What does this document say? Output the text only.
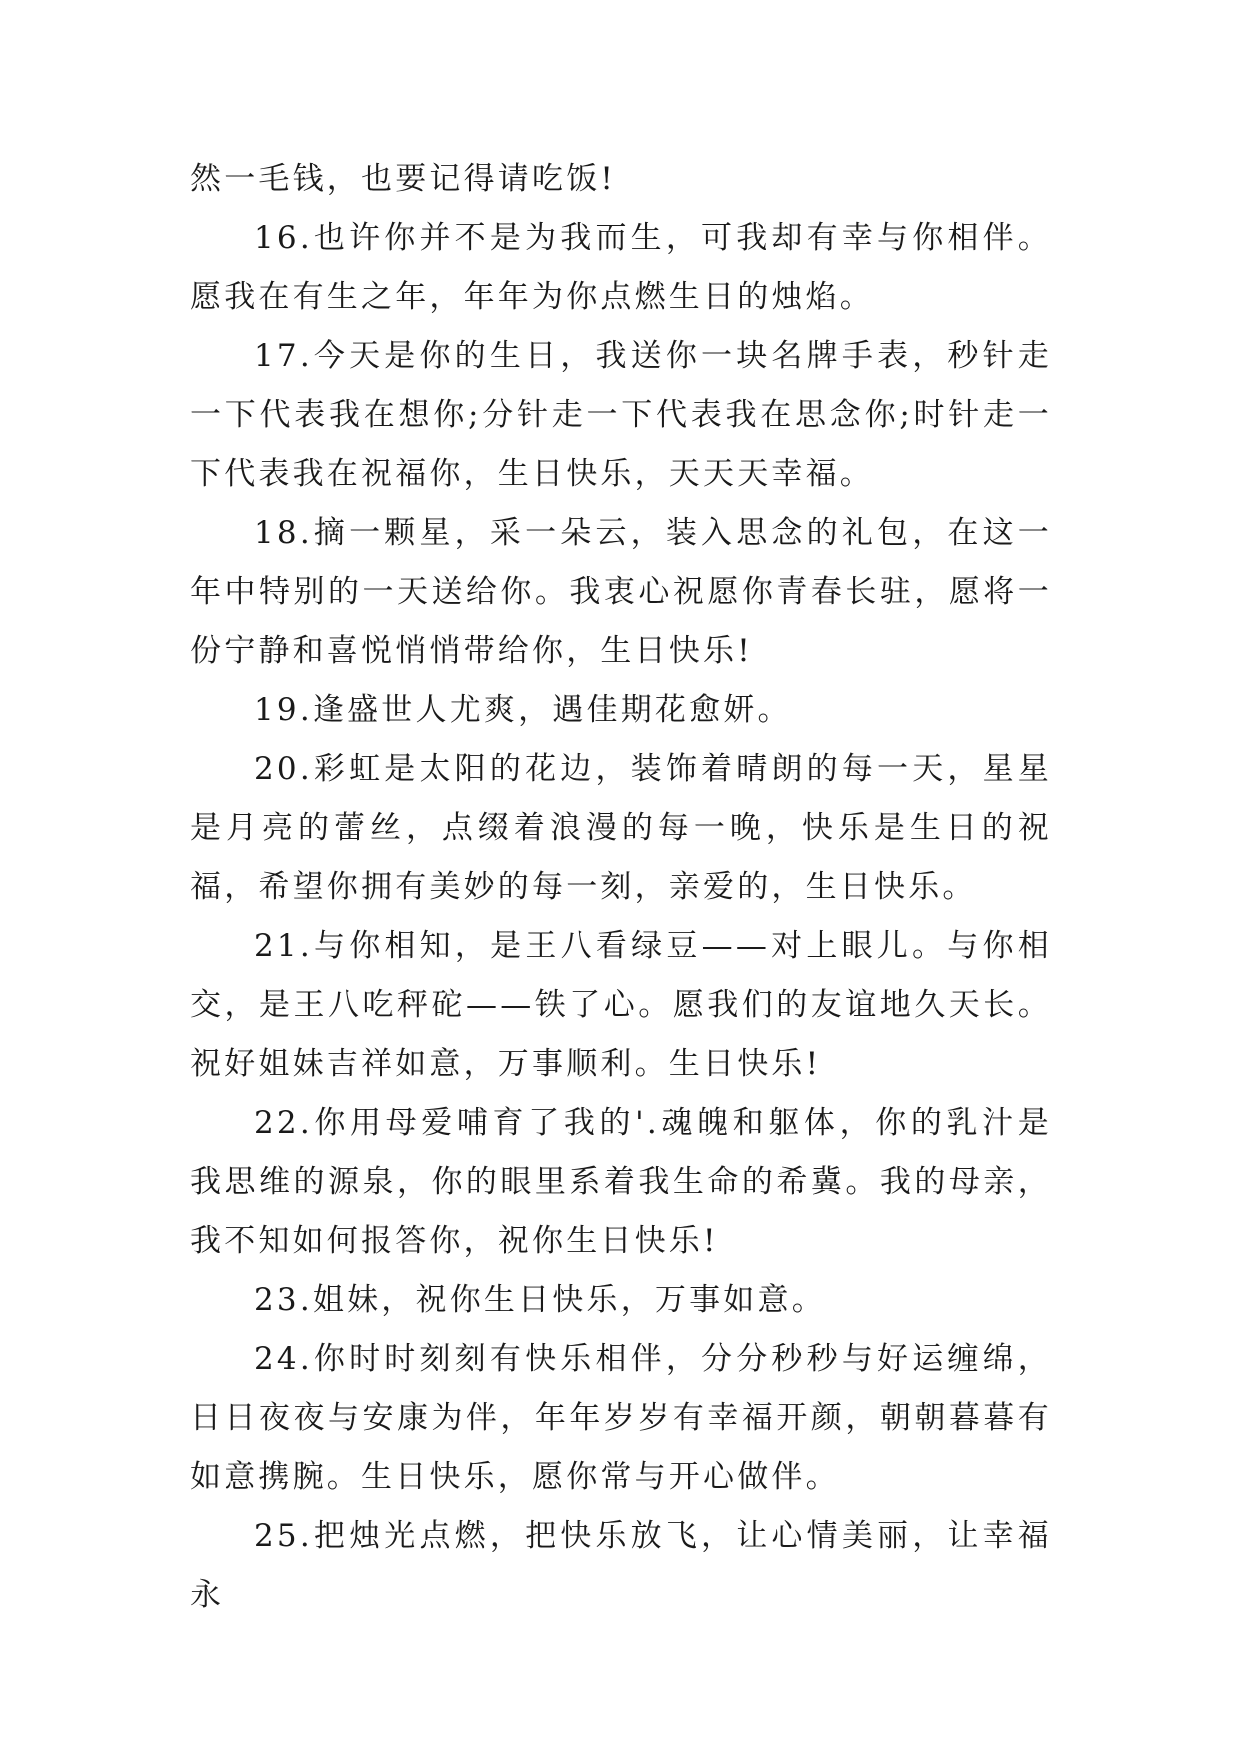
然一毛钱，也要记得请吃饭!

16.也许你并不是为我而生，可我却有幸与你相伴。愿我在有生之年，年年为你点燃生日的烛焰。

17.今天是你的生日，我送你一块名牌手表，秒针走一下代表我在想你;分针走一下代表我在思念你;时针走一下代表我在祝福你，生日快乐，天天天幸福。

18.摘一颗星，采一朵云，装入思念的礼包，在这一年中特别的一天送给你。我衷心祝愿你青春长驻，愿将一份宁静和喜悦悄悄带给你，生日快乐!

19.逢盛世人尤爽，遇佳期花愈妍。

20.彩虹是太阳的花边，装饰着晴朗的每一天，星星是月亮的蕾丝，点缀着浪漫的每一晚，快乐是生日的祝福，希望你拥有美妙的每一刻，亲爱的，生日快乐。

21.与你相知，是王八看绿豆——对上眼儿。与你相交，是王八吃秤砣——铁了心。愿我们的友谊地久天长。祝好姐妹吉祥如意，万事顺利。生日快乐!

22.你用母爱哺育了我的'.魂魄和躯体，你的乳汁是我思维的源泉，你的眼里系着我生命的希冀。我的母亲，我不知如何报答你，祝你生日快乐!

23.姐妹，祝你生日快乐，万事如意。

24.你时时刻刻有快乐相伴，分分秒秒与好运缠绵，日日夜夜与安康为伴，年年岁岁有幸福开颜，朝朝暮暮有如意携腕。生日快乐，愿你常与开心做伴。

25.把烛光点燃，把快乐放飞，让心情美丽，让幸福永
